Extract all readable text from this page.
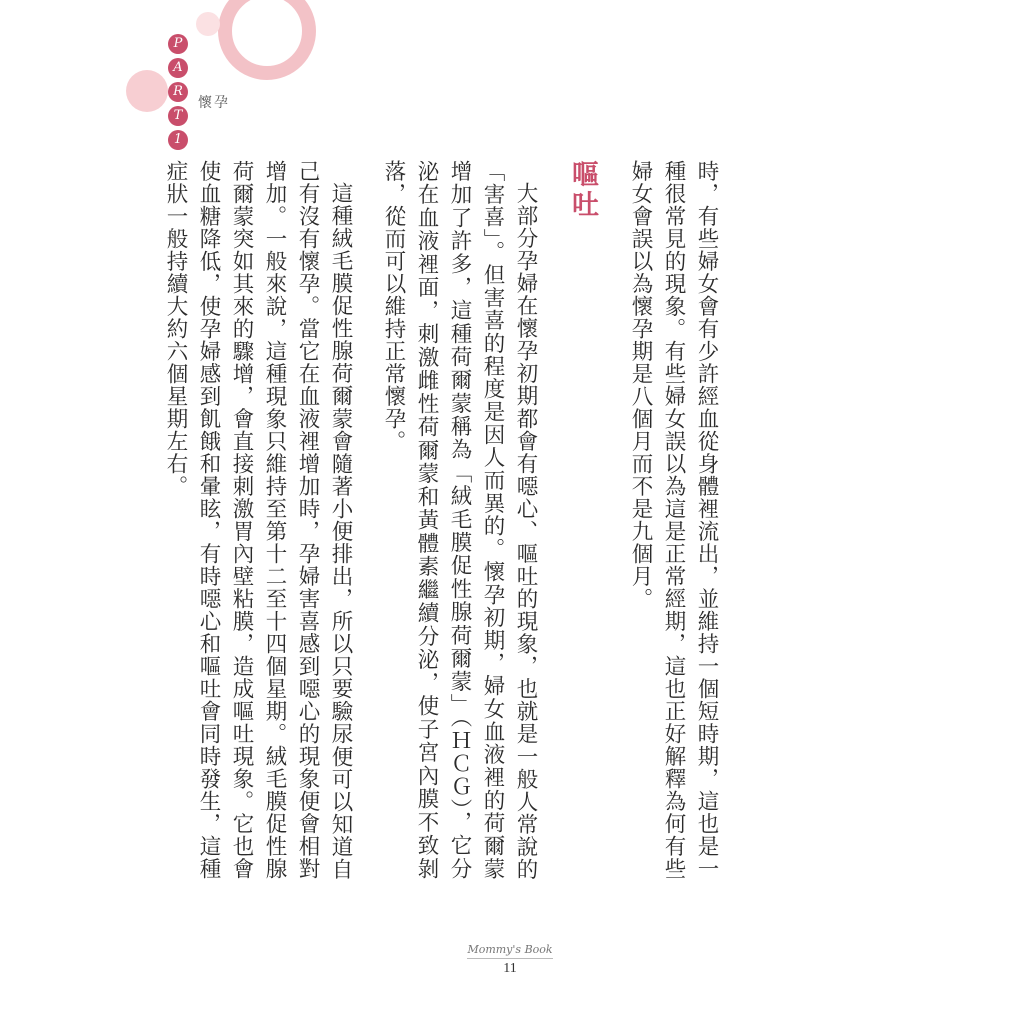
P
A
R
T
1
懷孕

時，有些婦女會有少許經血從身體裡流出，並維持一個短時期，這也是一種很常見的現象。有些婦女誤以為這是正常經期，這也正好解釋為何有些婦女會誤以為懷孕期是八個月而不是九個月。

嘔吐

大部分孕婦在懷孕初期都會有噁心、嘔吐的現象，也就是一般人常說的「害喜」。但害喜的程度是因人而異的。懷孕初期，婦女血液裡的荷爾蒙增加了許多，這種荷爾蒙稱為「絨毛膜促性腺荷爾蒙」（ＨＣＧ），它分泌在血液裡面，刺激雌性荷爾蒙和黃體素繼續分泌，使子宮內膜不致剝落，從而可以維持正常懷孕。

這種絨毛膜促性腺荷爾蒙會隨著小便排出，所以只要驗尿便可以知道自己有沒有懷孕。當它在血液裡增加時，孕婦害喜感到噁心的現象便會相對增加。一般來說，這種現象只維持至第十二至十四個星期。絨毛膜促性腺荷爾蒙突如其來的驟增，會直接刺激胃內壁粘膜，造成嘔吐現象。它也會使血糖降低，使孕婦感到飢餓和暈眩，有時噁心和嘔吐會同時發生，這種症狀一般持續大約六個星期左右。

Mommy's Book
11
